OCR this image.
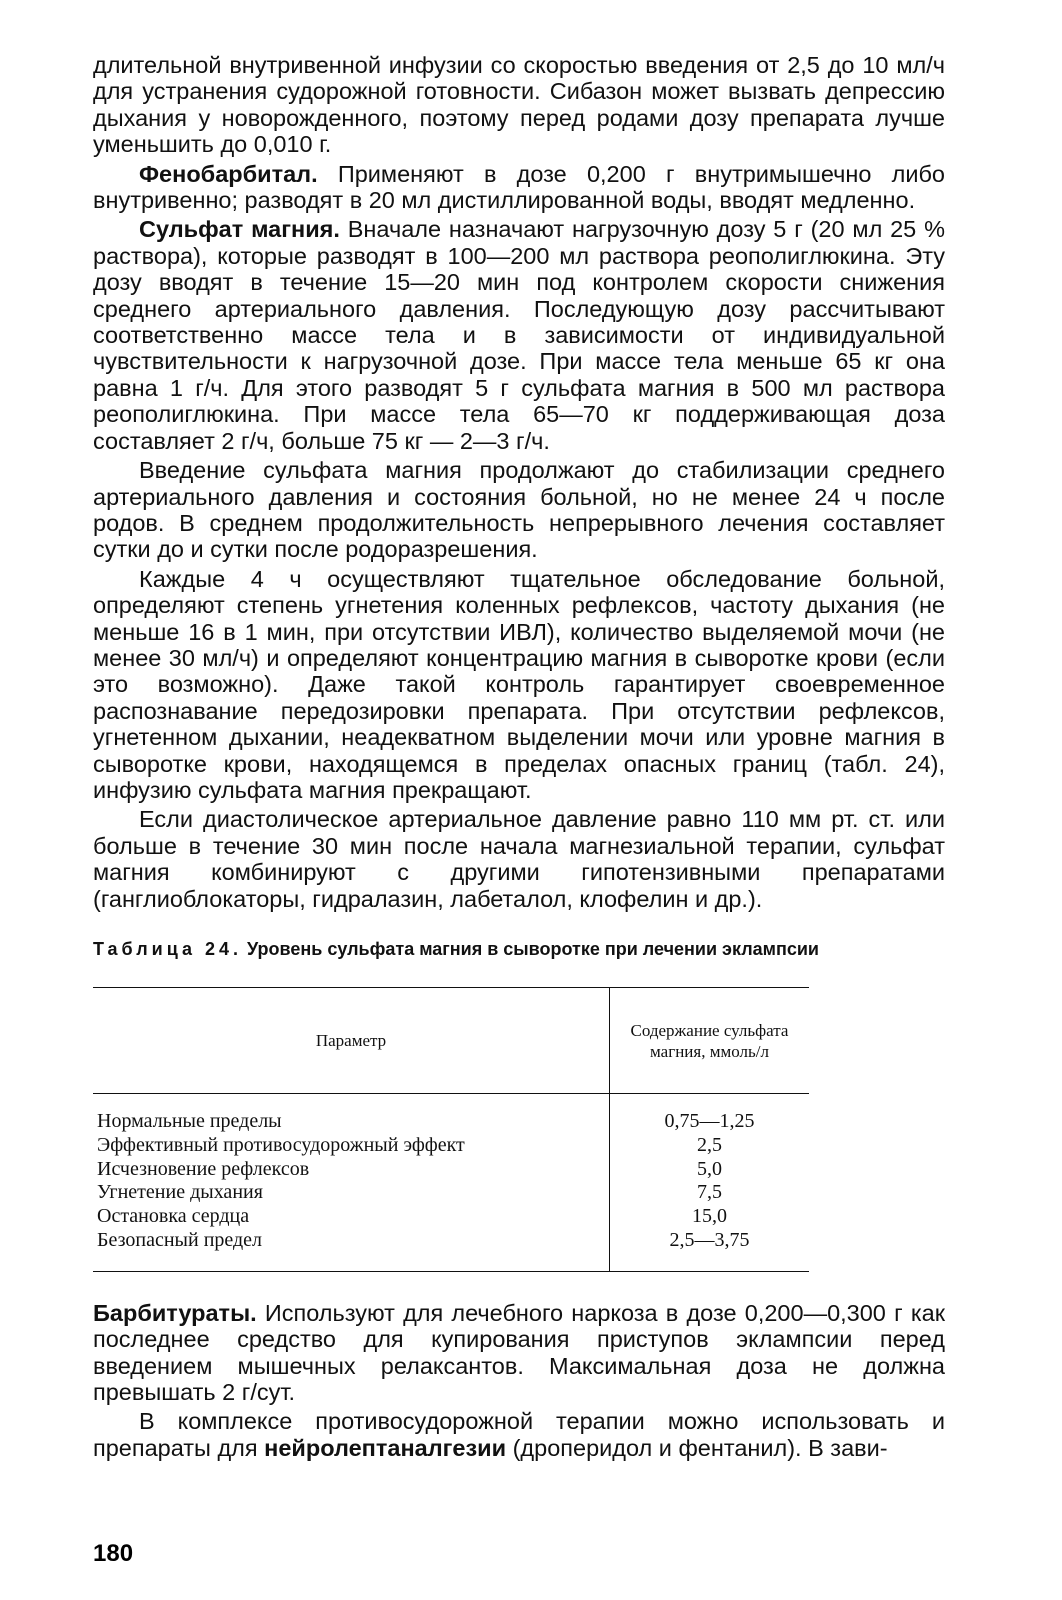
длительной внутривенной инфузии со скоростью введения от 2,5 до 10 мл/ч для устранения судорожной готовности. Сибазон может вызвать депрессию дыхания у новорожденного, поэтому перед родами дозу препарата лучше уменьшить до 0,010 г.

Фенобарбитал. Применяют в дозе 0,200 г внутримышечно либо внутривенно; разводят в 20 мл дистиллированной воды, вводят медленно.

Сульфат магния. Вначале назначают нагрузочную дозу 5 г (20 мл 25 % раствора), которые разводят в 100—200 мл раствора реополиглюкина. Эту дозу вводят в течение 15—20 мин под контролем скорости снижения среднего артериального давления. Последующую дозу рассчитывают соответственно массе тела и в зависимости от индивидуальной чувствительности к нагрузочной дозе. При массе тела меньше 65 кг она равна 1 г/ч. Для этого разводят 5 г сульфата магния в 500 мл раствора реополиглюкина. При массе тела 65—70 кг поддерживающая доза составляет 2 г/ч, больше 75 кг — 2—3 г/ч.

Введение сульфата магния продолжают до стабилизации среднего артериального давления и состояния больной, но не менее 24 ч после родов. В среднем продолжительность непрерывного лечения составляет сутки до и сутки после родоразрешения.

Каждые 4 ч осуществляют тщательное обследование больной, определяют степень угнетения коленных рефлексов, частоту дыхания (не меньше 16 в 1 мин, при отсутствии ИВЛ), количество выделяемой мочи (не менее 30 мл/ч) и определяют концентрацию магния в сыворотке крови (если это возможно). Даже такой контроль гарантирует своевременное распознавание передозировки препарата. При отсутствии рефлексов, угнетенном дыхании, неадекватном выделении мочи или уровне магния в сыворотке крови, находящемся в пределах опасных границ (табл. 24), инфузию сульфата магния прекращают.

Если диастолическое артериальное давление равно 110 мм рт. ст. или больше в течение 30 мин после начала магнезиальной терапии, сульфат магния комбинируют с другими гипотензивными препаратами (ганглиоблокаторы, гидралазин, лабеталол, клофелин и др.).

Таблица 24. Уровень сульфата магния в сыворотке при лечении эклампсии
Параметр	Содержание сульфата магния, ммоль/л
Нормальные пределы	0,75—1,25
Эффективный противосудорожный эффект	2,5
Исчезновение рефлексов	5,0
Угнетение дыхания	7,5
Остановка сердца	15,0
Безопасный предел	2,5—3,75

Барбитураты. Используют для лечебного наркоза в дозе 0,200—0,300 г как последнее средство для купирования приступов эклампсии перед введением мышечных релаксантов. Максимальная доза не должна превышать 2 г/сут.

В комплексе противосудорожной терапии можно использовать и препараты для нейролептаналгезии (дроперидол и фентанил). В зави-

180
